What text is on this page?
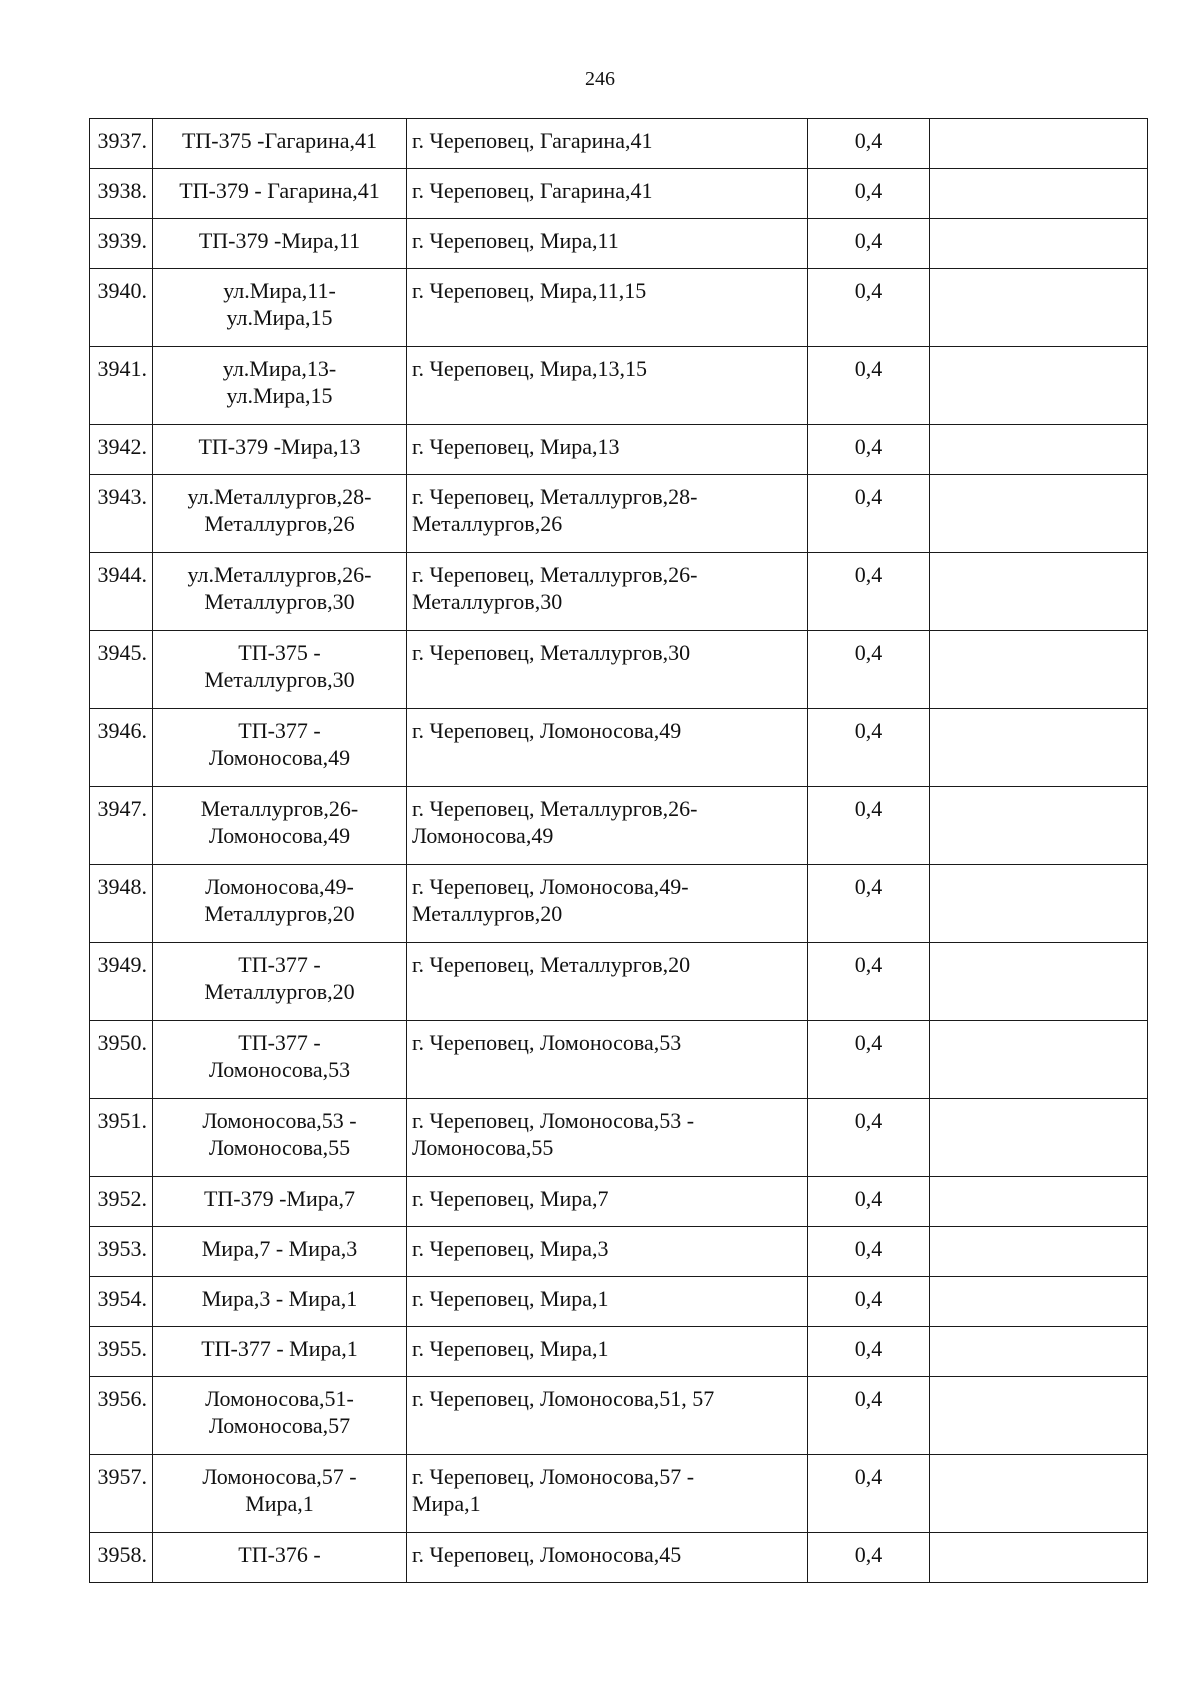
246
3937.	ТП-375 -Гагарина,41	г. Череповец, Гагарина,41	0,4	
3938.	ТП-379 - Гагарина,41	г. Череповец, Гагарина,41	0,4	
3939.	ТП-379 -Мира,11	г. Череповец, Мира,11	0,4	
3940.	ул.Мира,11-
ул.Мира,15	г. Череповец, Мира,11,15	0,4	
3941.	ул.Мира,13-
ул.Мира,15	г. Череповец, Мира,13,15	0,4	
3942.	ТП-379 -Мира,13	г. Череповец, Мира,13	0,4	
3943.	ул.Металлургов,28-
Металлургов,26	г. Череповец, Металлургов,28-
Металлургов,26	0,4	
3944.	ул.Металлургов,26-
Металлургов,30	г. Череповец, Металлургов,26-
Металлургов,30	0,4	
3945.	ТП-375 -
Металлургов,30	г. Череповец, Металлургов,30	0,4	
3946.	ТП-377 -
Ломоносова,49	г. Череповец, Ломоносова,49	0,4	
3947.	Металлургов,26-
Ломоносова,49	г. Череповец, Металлургов,26-
Ломоносова,49	0,4	
3948.	Ломоносова,49-
Металлургов,20	г. Череповец, Ломоносова,49-
Металлургов,20	0,4	
3949.	ТП-377 -
Металлургов,20	г. Череповец, Металлургов,20	0,4	
3950.	ТП-377 -
Ломоносова,53	г. Череповец, Ломоносова,53	0,4	
3951.	Ломоносова,53 -
Ломоносова,55	г. Череповец, Ломоносова,53 -
Ломоносова,55	0,4	
3952.	ТП-379 -Мира,7	г. Череповец, Мира,7	0,4	
3953.	Мира,7 - Мира,3	г. Череповец, Мира,3	0,4	
3954.	Мира,3 - Мира,1	г. Череповец, Мира,1	0,4	
3955.	ТП-377 - Мира,1	г. Череповец, Мира,1	0,4	
3956.	Ломоносова,51-
Ломоносова,57	г. Череповец, Ломоносова,51, 57	0,4	
3957.	Ломоносова,57 -
Мира,1	г. Череповец, Ломоносова,57 -
Мира,1	0,4	
3958.	ТП-376 -	г. Череповец, Ломоносова,45	0,4	
